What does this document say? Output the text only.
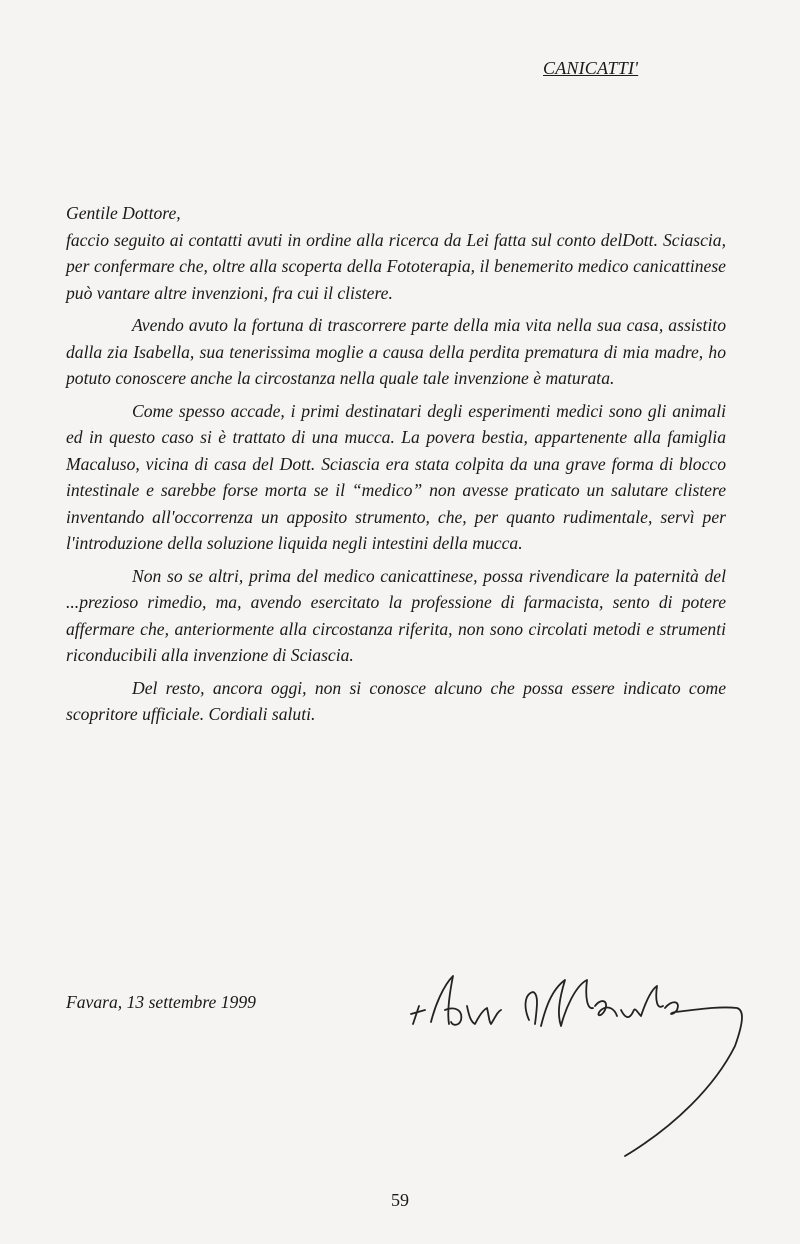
CANICATTI'

Gentile Dottore,

faccio seguito ai contatti avuti in ordine alla ricerca da Lei fatta sul conto delDott. Sciascia, per confermare che, oltre alla scoperta della Fototerapia, il benemerito medico canicattinese può vantare altre invenzioni, fra cui il clistere.

Avendo avuto la fortuna di trascorrere parte della mia vita nella sua casa, assistito dalla zia Isabella, sua tenerissima moglie a causa della perdita prematura di mia madre, ho potuto conoscere anche la circostanza nella quale tale invenzione è maturata.

Come spesso accade, i primi destinatari degli esperimenti medici sono gli animali ed in questo caso si è trattato di una mucca. La povera bestia, appartenente alla famiglia Macaluso, vicina di casa del Dott. Sciascia era stata colpita da una grave forma di blocco intestinale e sarebbe forse morta se il “medico” non avesse praticato un salutare clistere inventando all'occorrenza un apposito strumento, che, per quanto rudimentale, servì per l'introduzione della soluzione liquida negli intestini della mucca.

Non so se altri, prima del medico canicattinese, possa rivendicare la paternità del ...prezioso rimedio, ma, avendo esercitato la professione di farmacista, sento di potere affermare che, anteriormente alla circostanza riferita, non sono circolati metodi e strumenti riconducibili alla invenzione di Sciascia.

Del resto, ancora oggi, non si conosce alcuno che possa essere indicato come scopritore ufficiale. Cordiali saluti.

Favara, 13 settembre 1999
59
